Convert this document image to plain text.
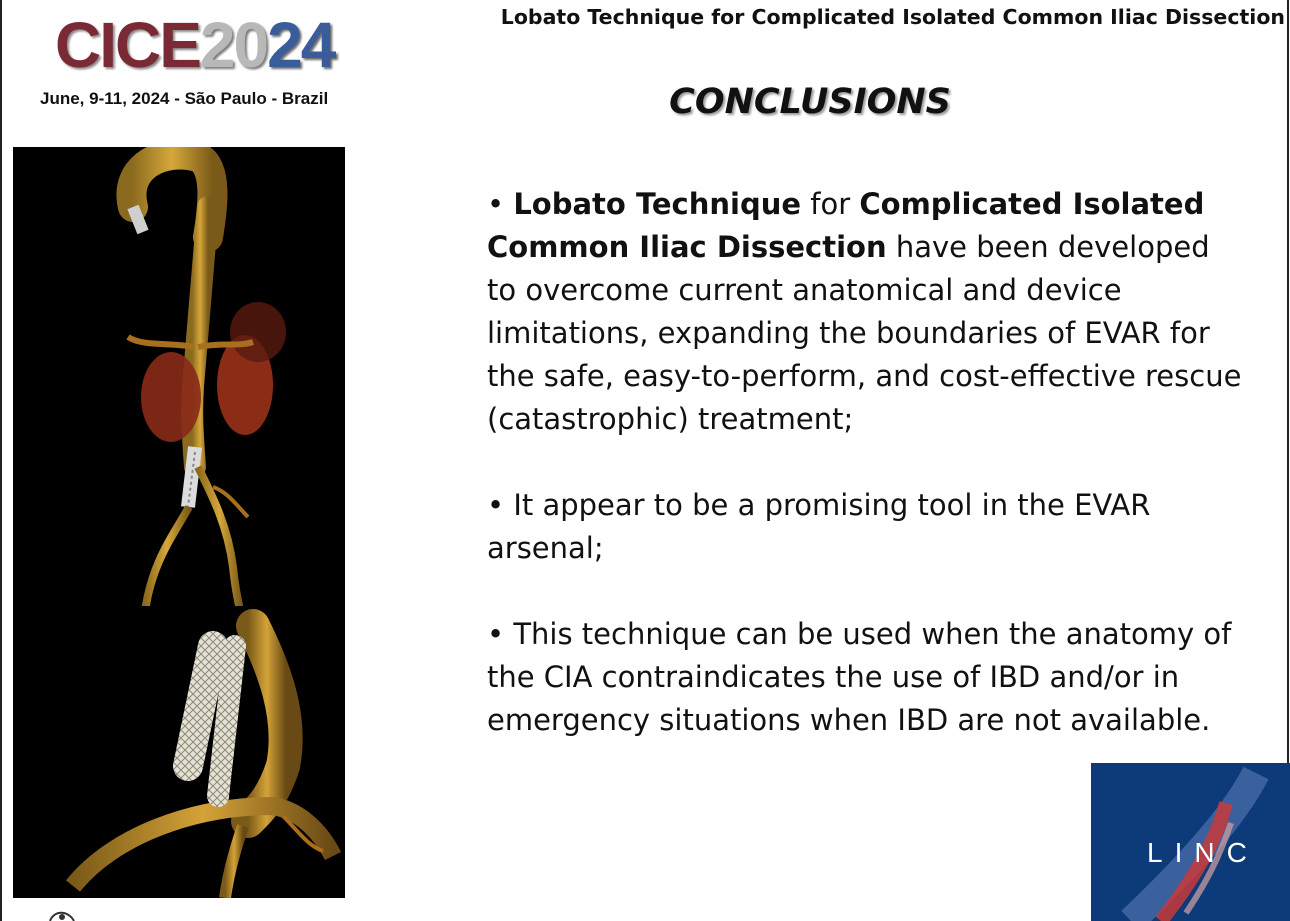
CICE2024
June, 9-11, 2024 - São Paulo - Brazil
Lobato Technique for Complicated Isolated Common Iliac Dissection
CONCLUSIONS

• Lobato Technique for Complicated Isolated Common Iliac Dissection have been developed to overcome current anatomical and device limitations, expanding the boundaries of EVAR for the safe, easy-to-perform, and cost-effective rescue (catastrophic) treatment;

• It appear to be a promising tool in the EVAR arsenal;

• This technique can be used when the anatomy of the CIA contraindicates the use of IBD and/or in emergency situations when IBD are not available.

LINC
